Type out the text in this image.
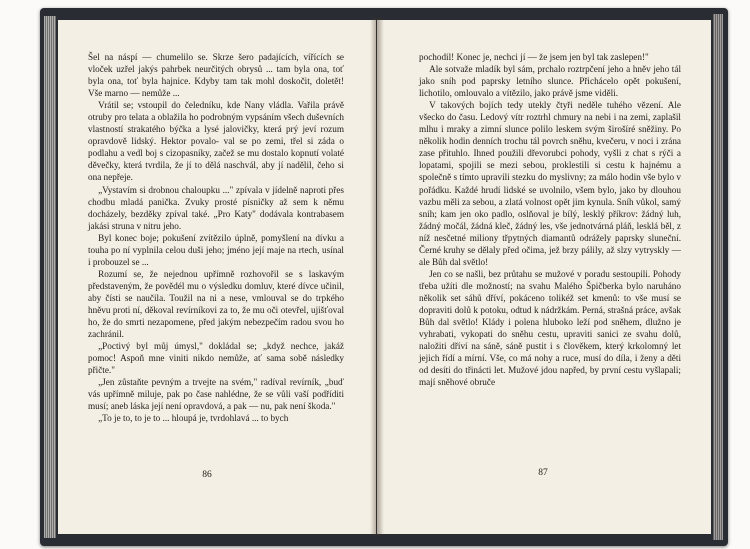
Šel na náspí — chumelilo se. Skrze šero padajících, vířících se vloček uzřel jakýs pahrbek neurčitých obrysů ... tam byla ona, toť byla ona, toť byla hajnice. Kdyby tam tak mohl doskočit, doletět! Vše marno — nemůže ...

Vrátil se; vstoupil do čeledníku, kde Nany vládla. Vařila právě otruby pro telata a oblažila ho podrobným vypsáním všech duševních vlastností strakatého býčka a lysé jalovičky, která prý jeví rozum opravdově lidský. Hektor povalo- val se po zemi, třel si záda o podlahu a vedl boj s cizopasníky, začež se mu dostalo kopnutí volaté děvečky, která tvrdila, že jí to dělá naschvál, aby jí nadělil, čeho si ona nepřeje.

„Vystavím si drobnou chaloupku ..." zpívala v jídelně naproti přes chodbu mladá panička. Zvuky prosté písničky až sem k němu docházely, bezděky zpíval také. „Pro Katy" dodávala kontrabasem jakási struna v nitru jeho.

Byl konec boje; pokušení zvítězilo úplně, pomyšlení na dívku a touha po ní vyplnila celou duši jeho; jméno její maje na rtech, usínal i probouzel se ...

Rozumí se, že nejednou upřímně rozhovořil se s laskavým představeným, že povědél mu o výsledku domluv, které dívce učinil, aby čísti se naučila. Toužil na ni a nese, vmlouval se do trpkého hněvu proti ní, děkoval revírníkovi za to, že mu oči otevřel, ujišťoval ho, že do smrti nezapomene, před jakým nebezpečím radou svou ho zachránil.

„Poctivý byl můj úmysl," dokládal se; „když nechce, jakáž pomoc! Aspoň mne viniti nikdo nemůže, ať sama sobě následky přičte."

„Jen zůstaňte pevným a trvejte na svém," radíval revírník, „buď vás upřímně miluje, pak po čase nahlédne, že se vůli vaší podříditi musí; aneb láska její není opravdová, a pak — nu, pak není škoda."

„To je to, to je to ... hloupá je, tvrdohlavá ... to bych

86

pochodil! Konec je, nechci jí — že jsem jen byl tak zaslepen!"

Ale sotvaže mladík byl sám, prchalo roztrpčení jeho a hněv jeho tál jako sníh pod paprsky letního slunce. Přichácelo opět pokušení, lichotilo, omlouvalo a vítězilo, jako právě jsme viděli.

V takových bojích tedy utekly čtyři neděle tuhého vězení. Ale všecko do času. Ledový vítr roztrhl chmury na nebi i na zemi, zaplašil mlhu i mraky a zimní slunce polilo leskem svým širošíré sněžiny. Po několik hodin denních trochu tál povrch sněhu, kvečeru, v noci i zrána zase přituhlo. Ihned použili dřevorubci pohody, vyšli z chat s rýči a lopatami, spojili se mezi sebou, proklestili si cestu k hajnému a společně s tímto upravili stezku do myslivny; za málo hodin vše bylo v pořádku. Každé hrudí lidské se uvolnilo, všem bylo, jako by dlouhou vazbu měli za sebou, a zlatá volnost opět jim kynula. Sníh vůkol, samý sníh; kam jen oko padlo, oslňoval je bílý, lesklý příkrov: žádný luh, žádný močál, žádná kleč, žádný les, vše jednotvárná pláň, lesklá běl, z níž nesčetné miliony třpytných diamantů odrážely paprsky sluneční. Černé kruhy se dělaly před očima, jež brzy pálily, až slzy vytryskly — ale Bůh dal světlo!

Jen co se našli, bez průtahu se mužové v poradu sestoupili. Pohody třeba užíti dle možností; na svahu Malého Špičberka bylo naruháno několik set sáhů dříví, pokáceno tolikéž set kmenů: to vše musí se dopraviti dolů k potoku, odtud k nádržkám. Perná, strašná práce, avšak Bůh dal světlo! Klády i polena hluboko leží pod sněhem, dlužno je vyhrabati, vykopati do sněhu cestu, upraviti sanici ze svahu dolů, naložiti dříví na sáně, sáně pustit i s člověkem, který krkolomný let jejich řídí a mírní. Vše, co má nohy a ruce, musí do díla, i ženy a děti od desíti do třinácti let. Mužové jdou napřed, by první cestu vyšlapali; mají sněhové obruče

87
